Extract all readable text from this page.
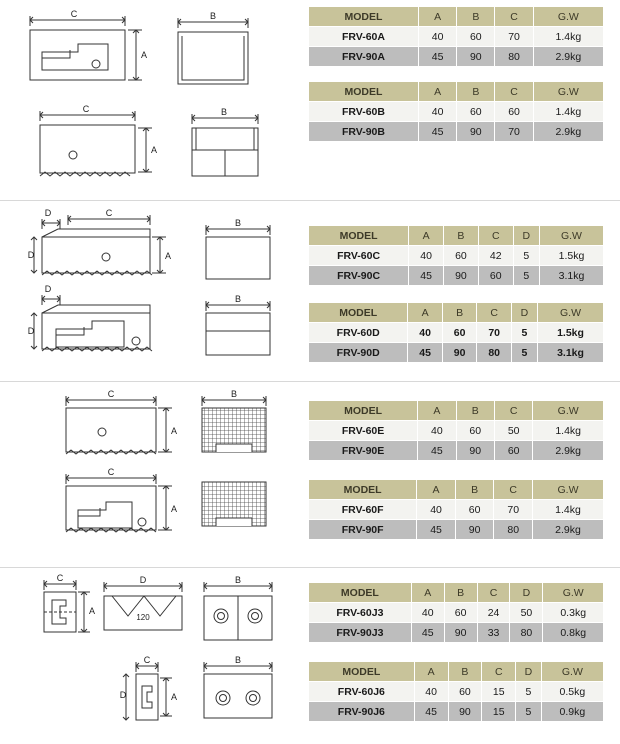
C	B
A
C	B
A
MODEL	A	B	C	G.W
FRV-60A	40	60	70	1.4kg
FRV-90A	45	90	80	2.9kg
MODEL	A	B	C	G.W
FRV-60B	40	60	60	1.4kg
FRV-90B	45	90	70	2.9kg
C
D
D	A
B
D
D
B
MODEL	A	B	C	D	G.W
FRV-60C	40	60	42	5	1.5kg
FRV-90C	45	90	60	5	3.1kg
MODEL	A	B	C	D	G.W
FRV-60D	40	60	70	5	1.5kg
FRV-90D	45	90	80	5	3.1kg
C	B
A
C
A
MODEL	A	B	C	G.W
FRV-60E	40	60	50	1.4kg
FRV-90E	45	90	60	2.9kg
MODEL	A	B	C	G.W
FRV-60F	40	60	70	1.4kg
FRV-90F	45	90	80	2.9kg
C
A
D	B
120
C
D	A
B
MODEL	A	B	C	D	G.W
FRV-60J3	40	60	24	50	0.3kg
FRV-90J3	45	90	33	80	0.8kg
MODEL	A	B	C	D	G.W
FRV-60J6	40	60	15	5	0.5kg
FRV-90J6	45	90	15	5	0.9kg
